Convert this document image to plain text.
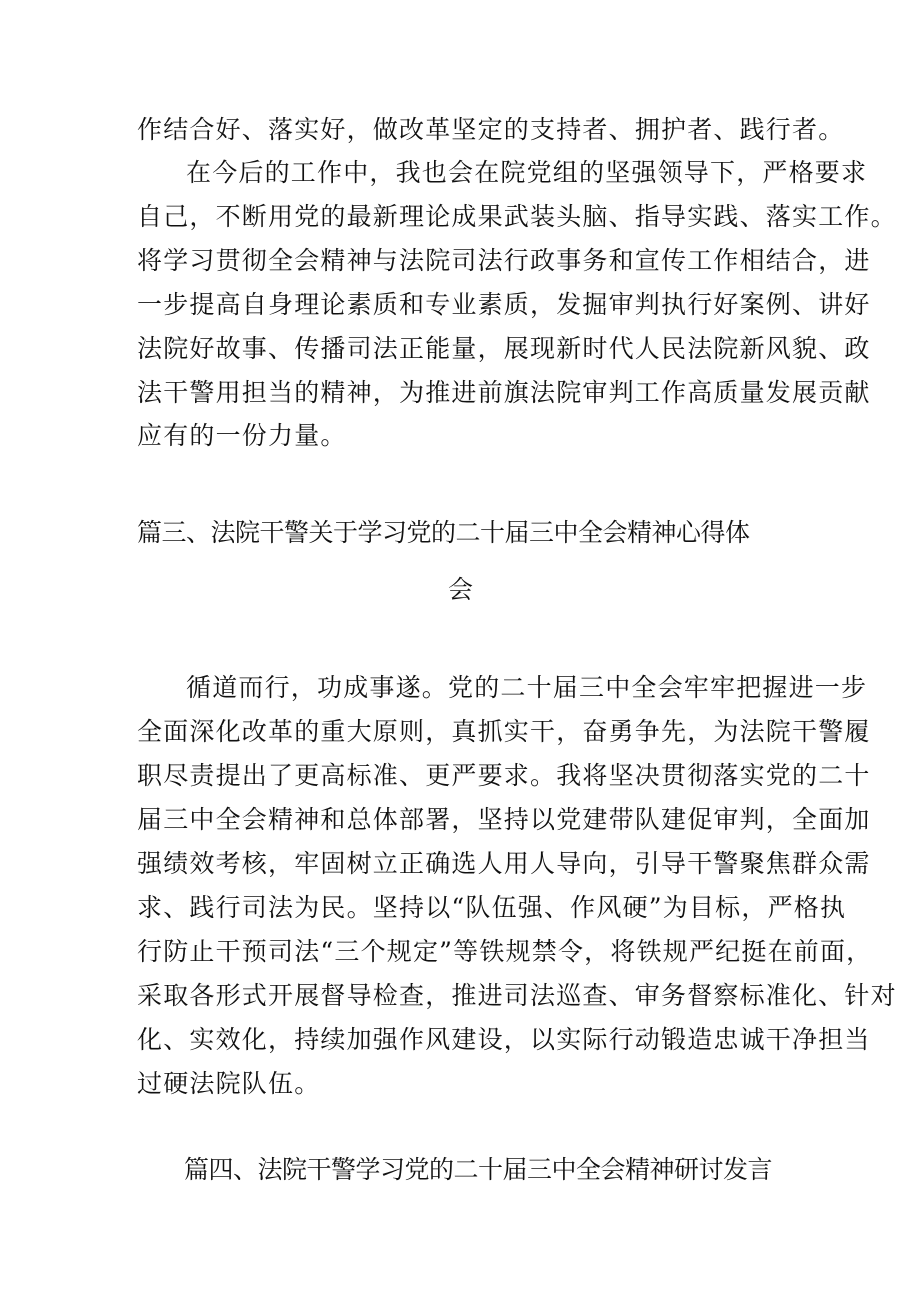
作结合好、落实好，做改革坚定的支持者、拥护者、践行者。
在今后的工作中，我也会在院党组的坚强领导下，严格要求
自己，不断用党的最新理论成果武装头脑、指导实践、落实工作。
将学习贯彻全会精神与法院司法行政事务和宣传工作相结合，进
一步提高自身理论素质和专业素质，发掘审判执行好案例、讲好
法院好故事、传播司法正能量，展现新时代人民法院新风貌、政
法干警用担当的精神，为推进前旗法院审判工作高质量发展贡献
应有的一份力量。
篇三、法院干警关于学习党的二十届三中全会精神心得体
会
循道而行，功成事遂。党的二十届三中全会牢牢把握进一步
全面深化改革的重大原则，真抓实干，奋勇争先，为法院干警履
职尽责提出了更高标准、更严要求。我将坚决贯彻落实党的二十
届三中全会精神和总体部署，坚持以党建带队建促审判，全面加
强绩效考核，牢固树立正确选人用人导向，引导干警聚焦群众需
求、践行司法为民。坚持以“队伍强、作风硬”为目标，严格执
行防止干预司法“三个规定”等铁规禁令，将铁规严纪挺在前面，
采取各形式开展督导检查，推进司法巡查、审务督察标准化、针对
化、实效化，持续加强作风建设，以实际行动锻造忠诚干净担当
过硬法院队伍。
篇四、法院干警学习党的二十届三中全会精神研讨发言
